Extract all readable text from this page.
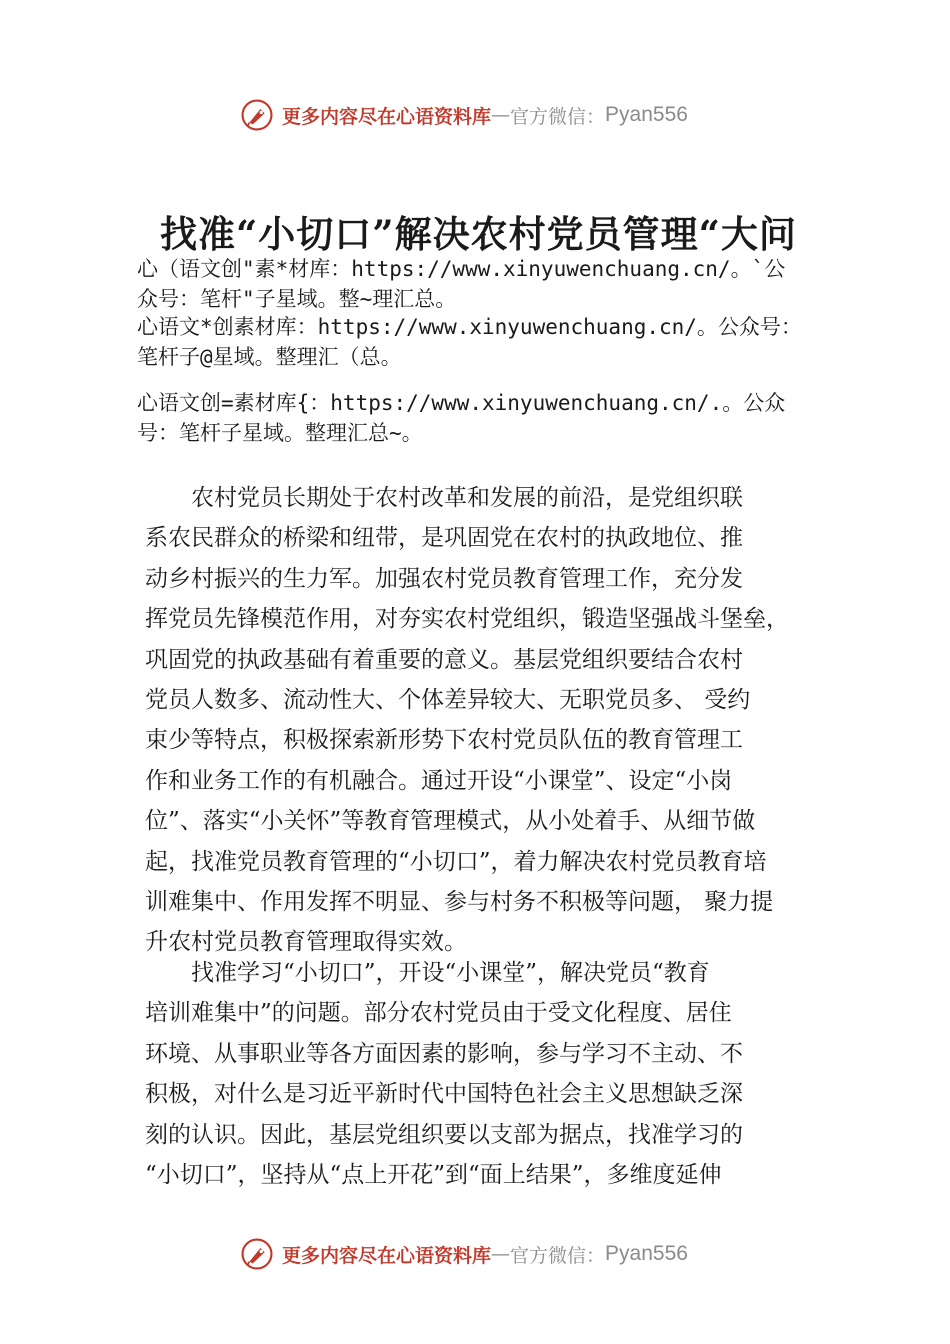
更多内容尽在心语资料库 — 官方微信： Pyan556
找准“小切口”解决农村党员管理“大问

心（语文创"素*材库：https://www.xinyuwenchuang.cn/。`公
众号：笔杆"子星域。整~理汇总。

心语文*创素材库：https://www.xinyuwenchuang.cn/。公众号：
笔杆子@星域。整理汇（总。

心语文创=素材库{：https://www.xinyuwenchuang.cn/.。公众
号：笔杆子星域。整理汇总~。

　　农村党员长期处于农村改革和发展的前沿，是党组织联
系农民群众的桥梁和纽带，是巩固党在农村的执政地位、推
动乡村振兴的生力军。加强农村党员教育管理工作，充分发
挥党员先锋模范作用，对夯实农村党组织，锻造坚强战斗堡垒，
巩固党的执政基础有着重要的意义。基层党组织要结合农村
党员人数多、流动性大、个体差异较大、无职党员多、 受约
束少等特点，积极探索新形势下农村党员队伍的教育管理工
作和业务工作的有机融合。通过开设“小课堂”、设定“小岗
位”、落实“小关怀”等教育管理模式，从小处着手、从细节做
起，找准党员教育管理的“小切口”，着力解决农村党员教育培
训难集中、作用发挥不明显、参与村务不积极等问题， 聚力提
升农村党员教育管理取得实效。

　　找准学习“小切口”，开设“小课堂”，解决党员“教育
培训难集中”的问题。部分农村党员由于受文化程度、居住
环境、从事职业等各方面因素的影响，参与学习不主动、不
积极，对什么是习近平新时代中国特色社会主义思想缺乏深
刻的认识。因此，基层党组织要以支部为据点，找准学习的
“小切口”，坚持从“点上开花”到“面上结果”，多维度延伸

更多内容尽在心语资料库 — 官方微信： Pyan556
